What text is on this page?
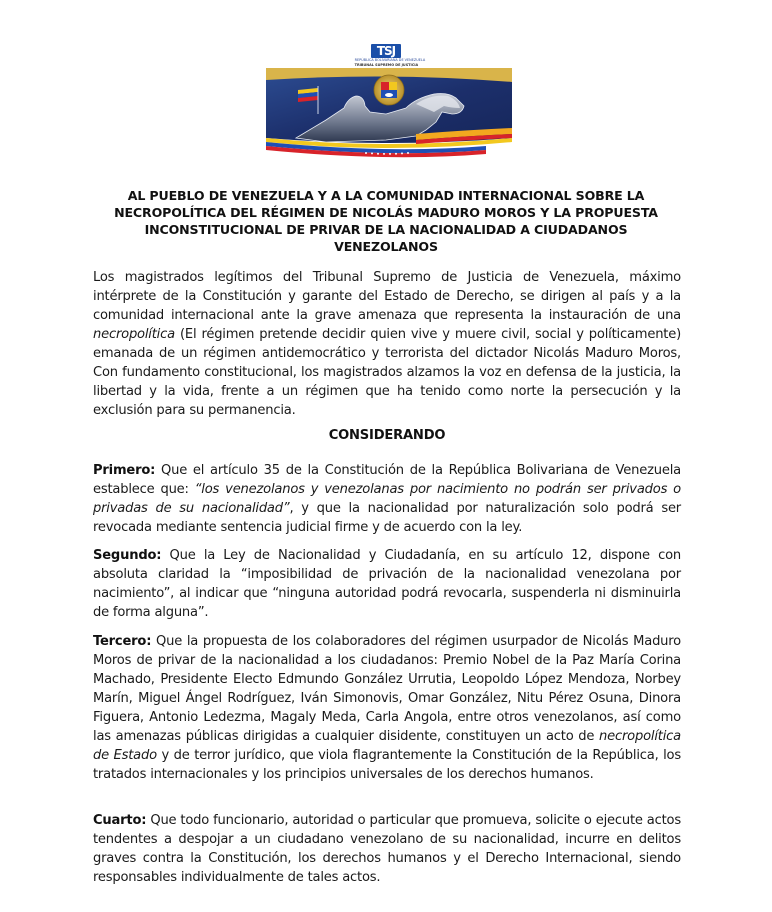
TSJ
REPÚBLICA BOLIVARIANA DE VENEZUELA
TRIBUNAL SUPREMO DE JUSTICIA
AL PUEBLO DE VENEZUELA Y A LA COMUNIDAD INTERNACIONAL SOBRE LA
NECROPOLÍTICA DEL RÉGIMEN DE NICOLÁS MADURO MOROS Y LA PROPUESTA
INCONSTITUCIONAL DE PRIVAR DE LA NACIONALIDAD A CIUDADANOS
VENEZOLANOS

Los magistrados legítimos del Tribunal Supremo de Justicia de Venezuela, máximo intérprete de la Constitución y garante del Estado de Derecho, se dirigen al país y a la comunidad internacional ante la grave amenaza que representa la instauración de una necropolítica (El régimen pretende decidir quien vive y muere civil, social y políticamente) emanada de un régimen antidemocrático y terrorista del dictador Nicolás Maduro Moros, Con fundamento constitucional, los magistrados alzamos la voz en defensa de la justicia, la libertad y la vida, frente a un régimen que ha tenido como norte la persecución y la exclusión para su permanencia.

CONSIDERANDO

Primero: Que el artículo 35 de la Constitución de la República Bolivariana de Venezuela establece que: “los venezolanos y venezolanas por nacimiento no podrán ser privados o privadas de su nacionalidad”, y que la nacionalidad por naturalización solo podrá ser revocada mediante sentencia judicial firme y de acuerdo con la ley.

Segundo: Que la Ley de Nacionalidad y Ciudadanía, en su artículo 12, dispone con absoluta claridad la “imposibilidad de privación de la nacionalidad venezolana por nacimiento”, al indicar que “ninguna autoridad podrá revocarla, suspenderla ni disminuirla de forma alguna”.

Tercero: Que la propuesta de los colaboradores del régimen usurpador de Nicolás Maduro Moros de privar de la nacionalidad a los ciudadanos: Premio Nobel de la Paz María Corina Machado, Presidente Electo Edmundo González Urrutia, Leopoldo López Mendoza, Norbey Marín, Miguel Ángel Rodríguez, Iván Simonovis, Omar González, Nitu Pérez Osuna, Dinora Figuera, Antonio Ledezma, Magaly Meda, Carla Angola, entre otros venezolanos, así como las amenazas públicas dirigidas a cualquier disidente, constituyen un acto de necropolítica de Estado y de terror jurídico, que viola flagrantemente la Constitución de la República, los tratados internacionales y los principios universales de los derechos humanos.

Cuarto: Que todo funcionario, autoridad o particular que promueva, solicite o ejecute actos tendentes a despojar a un ciudadano venezolano de su nacionalidad, incurre en delitos graves contra la Constitución, los derechos humanos y el Derecho Internacional, siendo responsables individualmente de tales actos.
